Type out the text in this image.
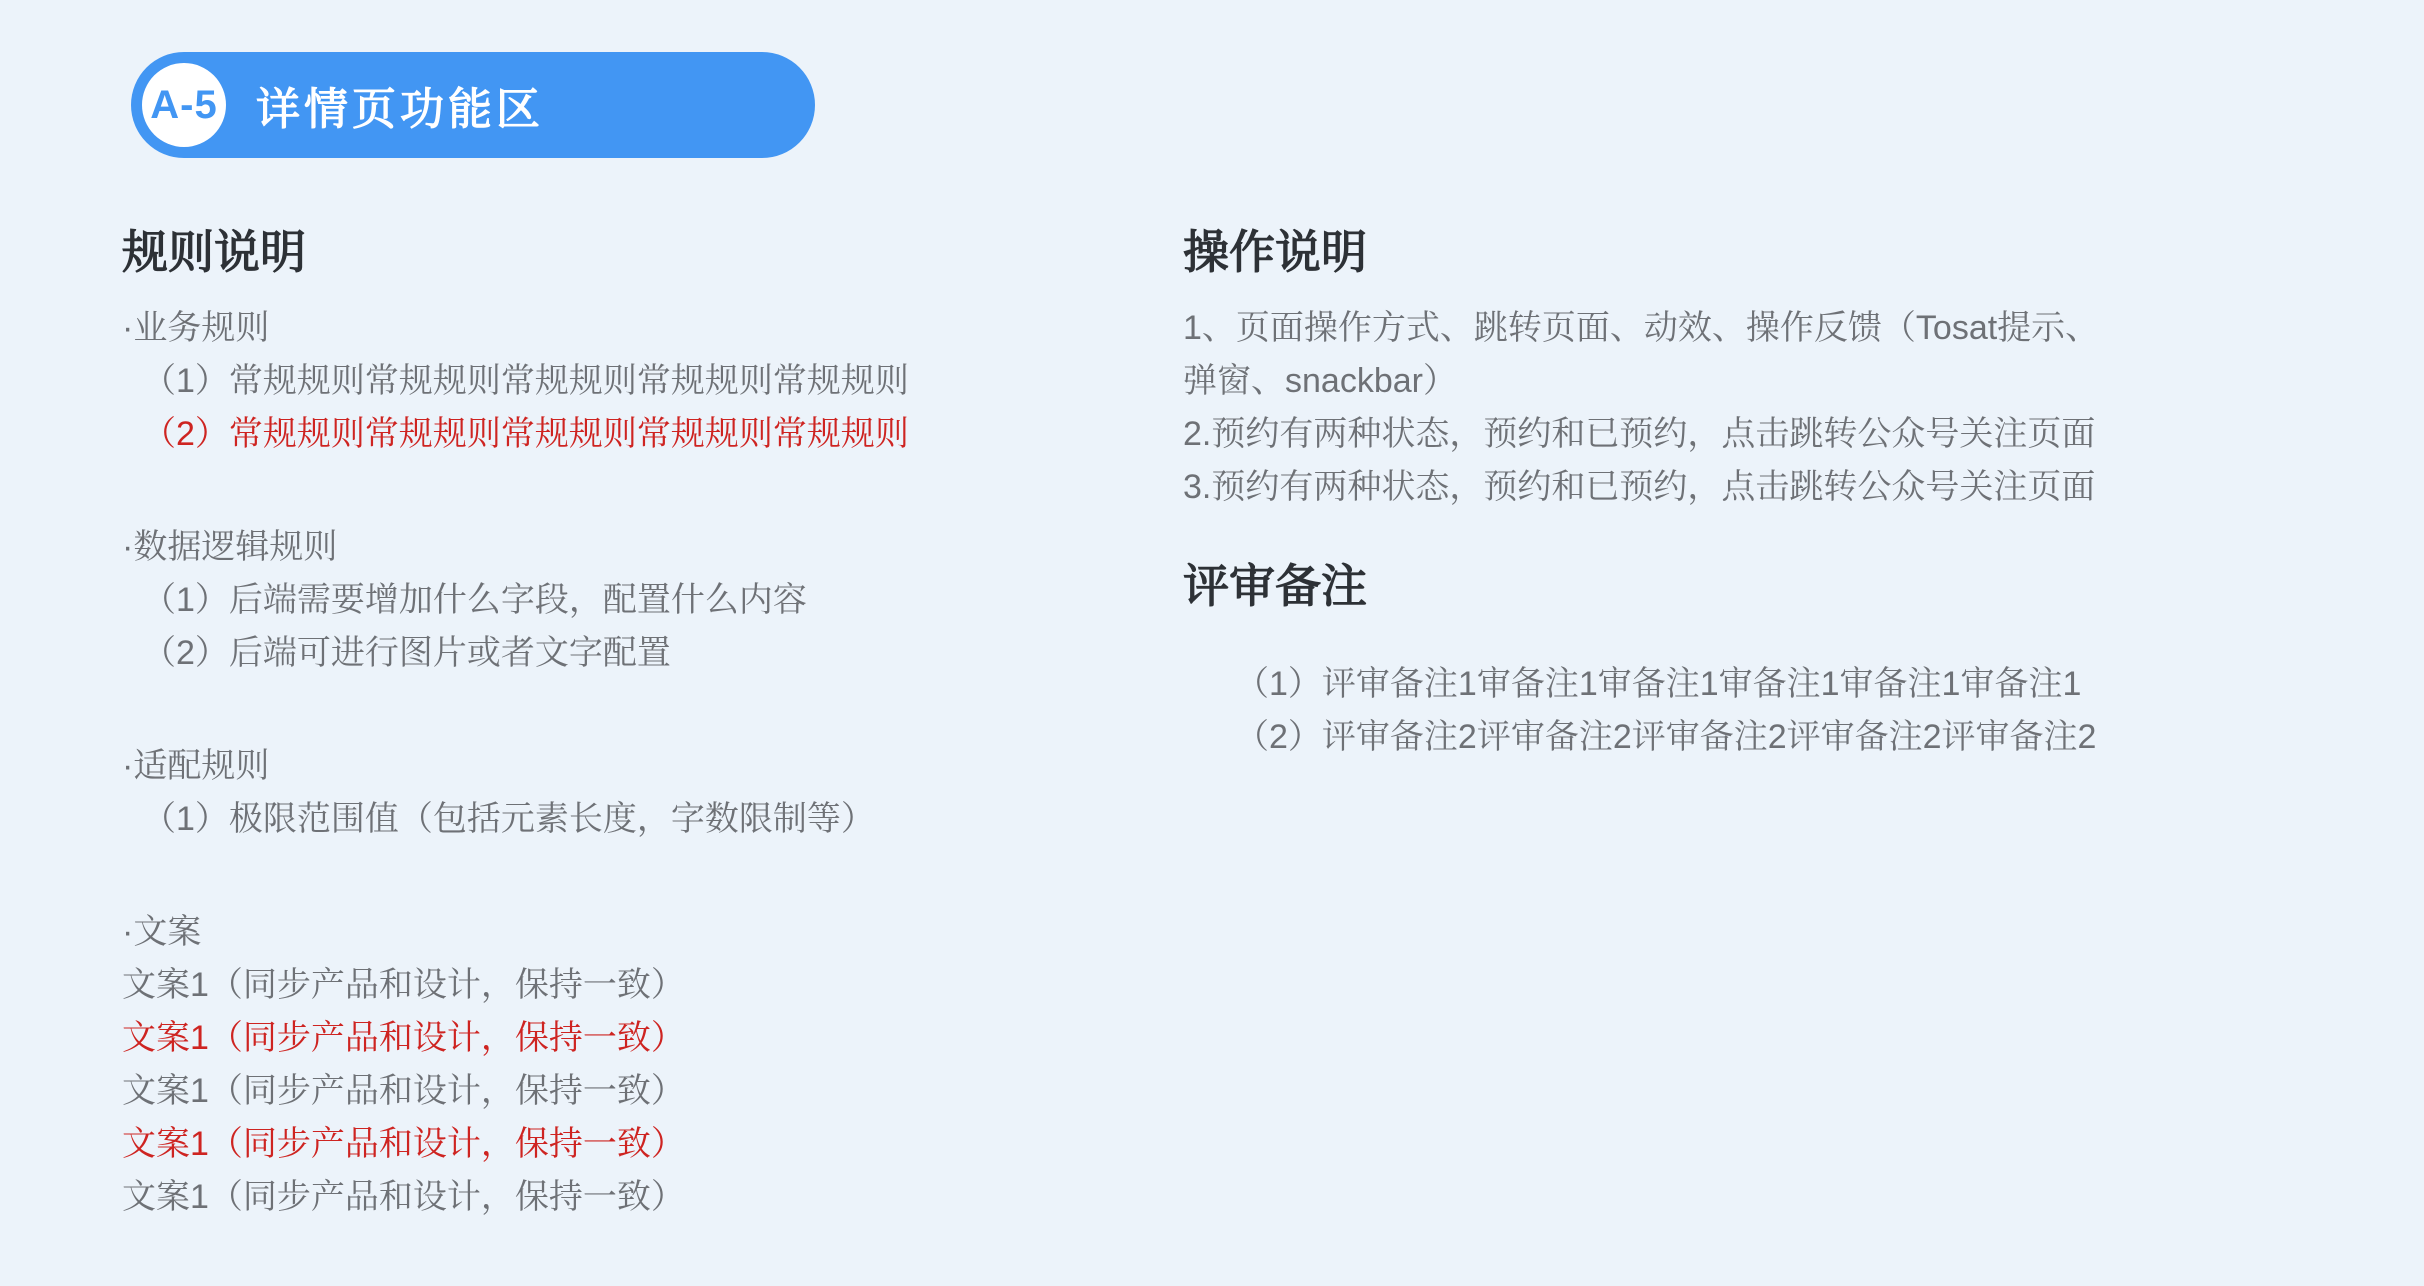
A-5 详情页功能区
规则说明
·业务规则
（1）常规规则常规规则常规规则常规规则常规规则
（2）常规规则常规规则常规规则常规规则常规规则
·数据逻辑规则
（1）后端需要增加什么字段，配置什么内容
（2）后端可进行图片或者文字配置
·适配规则
（1）极限范围值（包括元素长度，字数限制等）
·文案
文案1（同步产品和设计，保持一致）
文案1（同步产品和设计，保持一致）
文案1（同步产品和设计，保持一致）
文案1（同步产品和设计，保持一致）
文案1（同步产品和设计，保持一致）
操作说明
1、页面操作方式、跳转页面、动效、操作反馈（Tosat提示、
弹窗、snackbar）
2.预约有两种状态，预约和已预约，点击跳转公众号关注页面
3.预约有两种状态，预约和已预约，点击跳转公众号关注页面
评审备注
（1）评审备注1审备注1审备注1审备注1审备注1审备注1
（2）评审备注2评审备注2评审备注2评审备注2评审备注2
